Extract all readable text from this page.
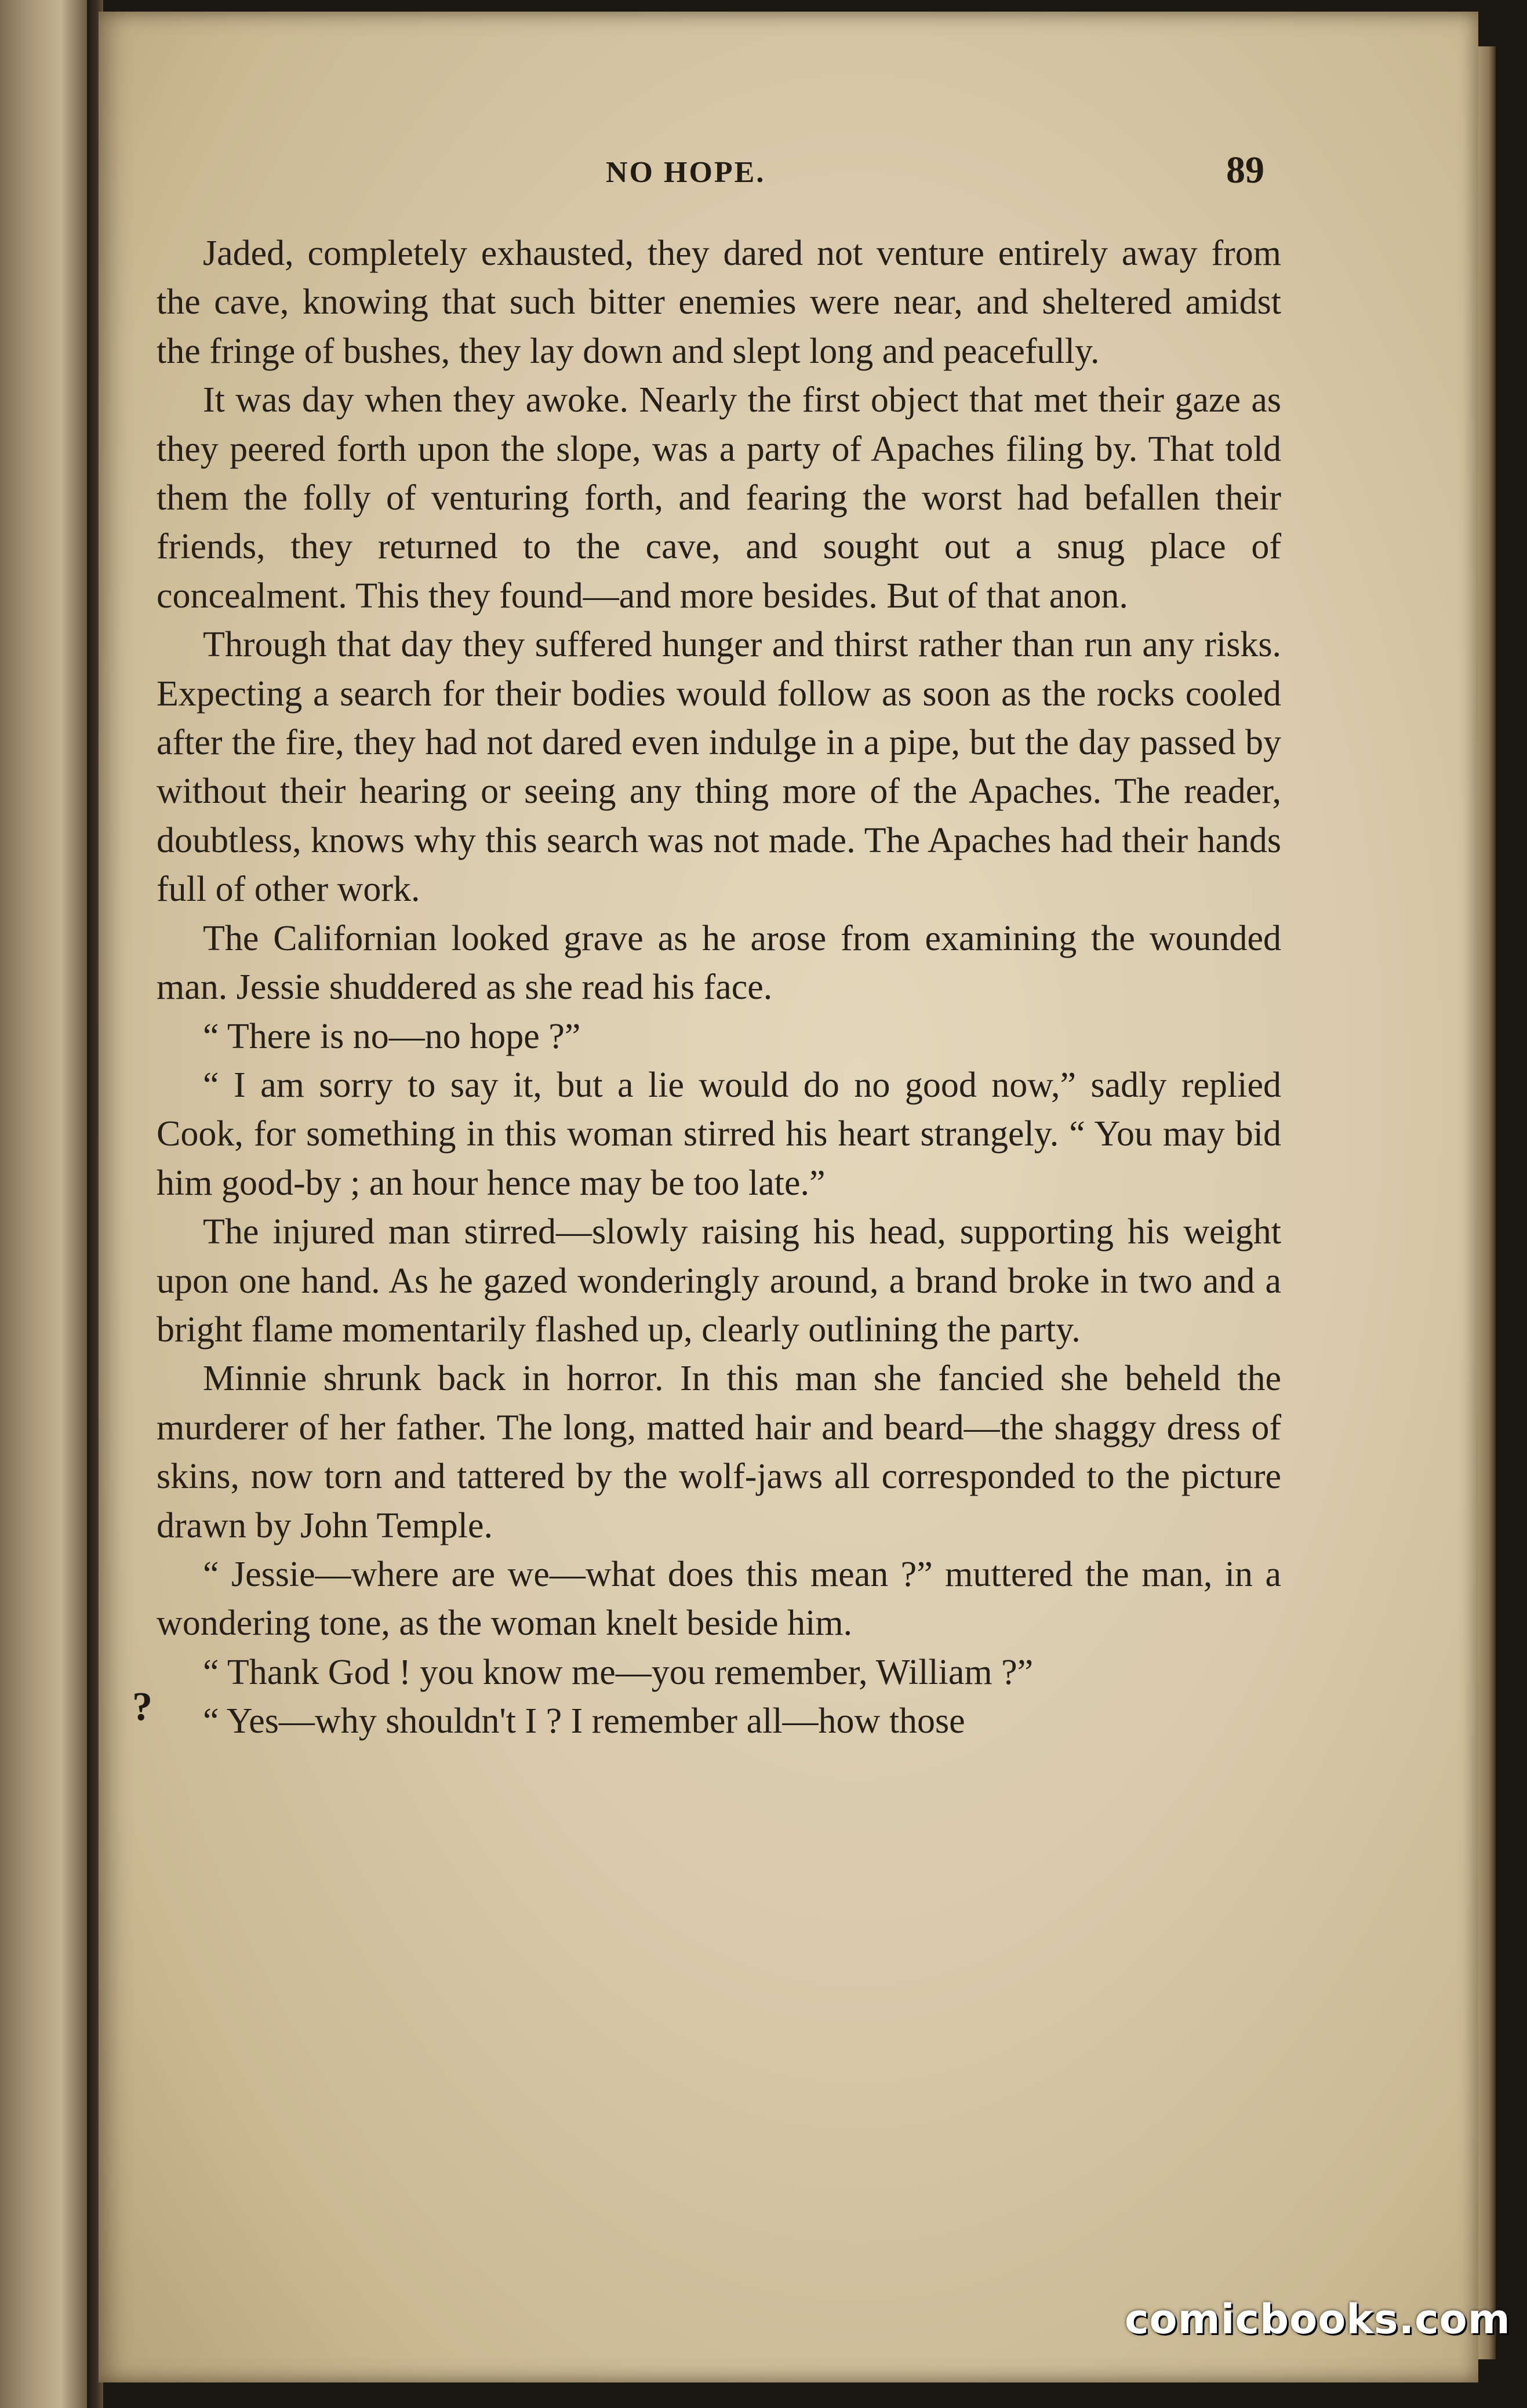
NO HOPE.	89

Jaded, completely exhausted, they dared not venture entirely away from the cave, knowing that such bitter enemies were near, and sheltered amidst the fringe of bushes, they lay down and slept long and peacefully.

It was day when they awoke. Nearly the first object that met their gaze as they peered forth upon the slope, was a party of Apaches filing by. That told them the folly of venturing forth, and fearing the worst had befallen their friends, they returned to the cave, and sought out a snug place of concealment. This they found—and more besides. But of that anon.

Through that day they suffered hunger and thirst rather than run any risks. Expecting a search for their bodies would follow as soon as the rocks cooled after the fire, they had not dared even indulge in a pipe, but the day passed by without their hearing or seeing any thing more of the Apaches. The reader, doubtless, knows why this search was not made. The Apaches had their hands full of other work.

The Californian looked grave as he arose from examining the wounded man. Jessie shuddered as she read his face.

“ There is no—no hope ?”

“ I am sorry to say it, but a lie would do no good now,” sadly replied Cook, for something in this woman stirred his heart strangely. “ You may bid him good-by ; an hour hence may be too late.”

The injured man stirred—slowly raising his head, supporting his weight upon one hand. As he gazed wonderingly around, a brand broke in two and a bright flame momentarily flashed up, clearly outlining the party.

Minnie shrunk back in horror. In this man she fancied she beheld the murderer of her father. The long, matted hair and beard—the shaggy dress of skins, now torn and tattered by the wolf-jaws all corresponded to the picture drawn by John Temple.

“ Jessie—where are we—what does this mean ?” muttered the man, in a wondering tone, as the woman knelt beside him.

“ Thank God ! you know me—you remember, William ?”

“ Yes—why shouldn't I ? I remember all—how those

?
comicbooks.com
